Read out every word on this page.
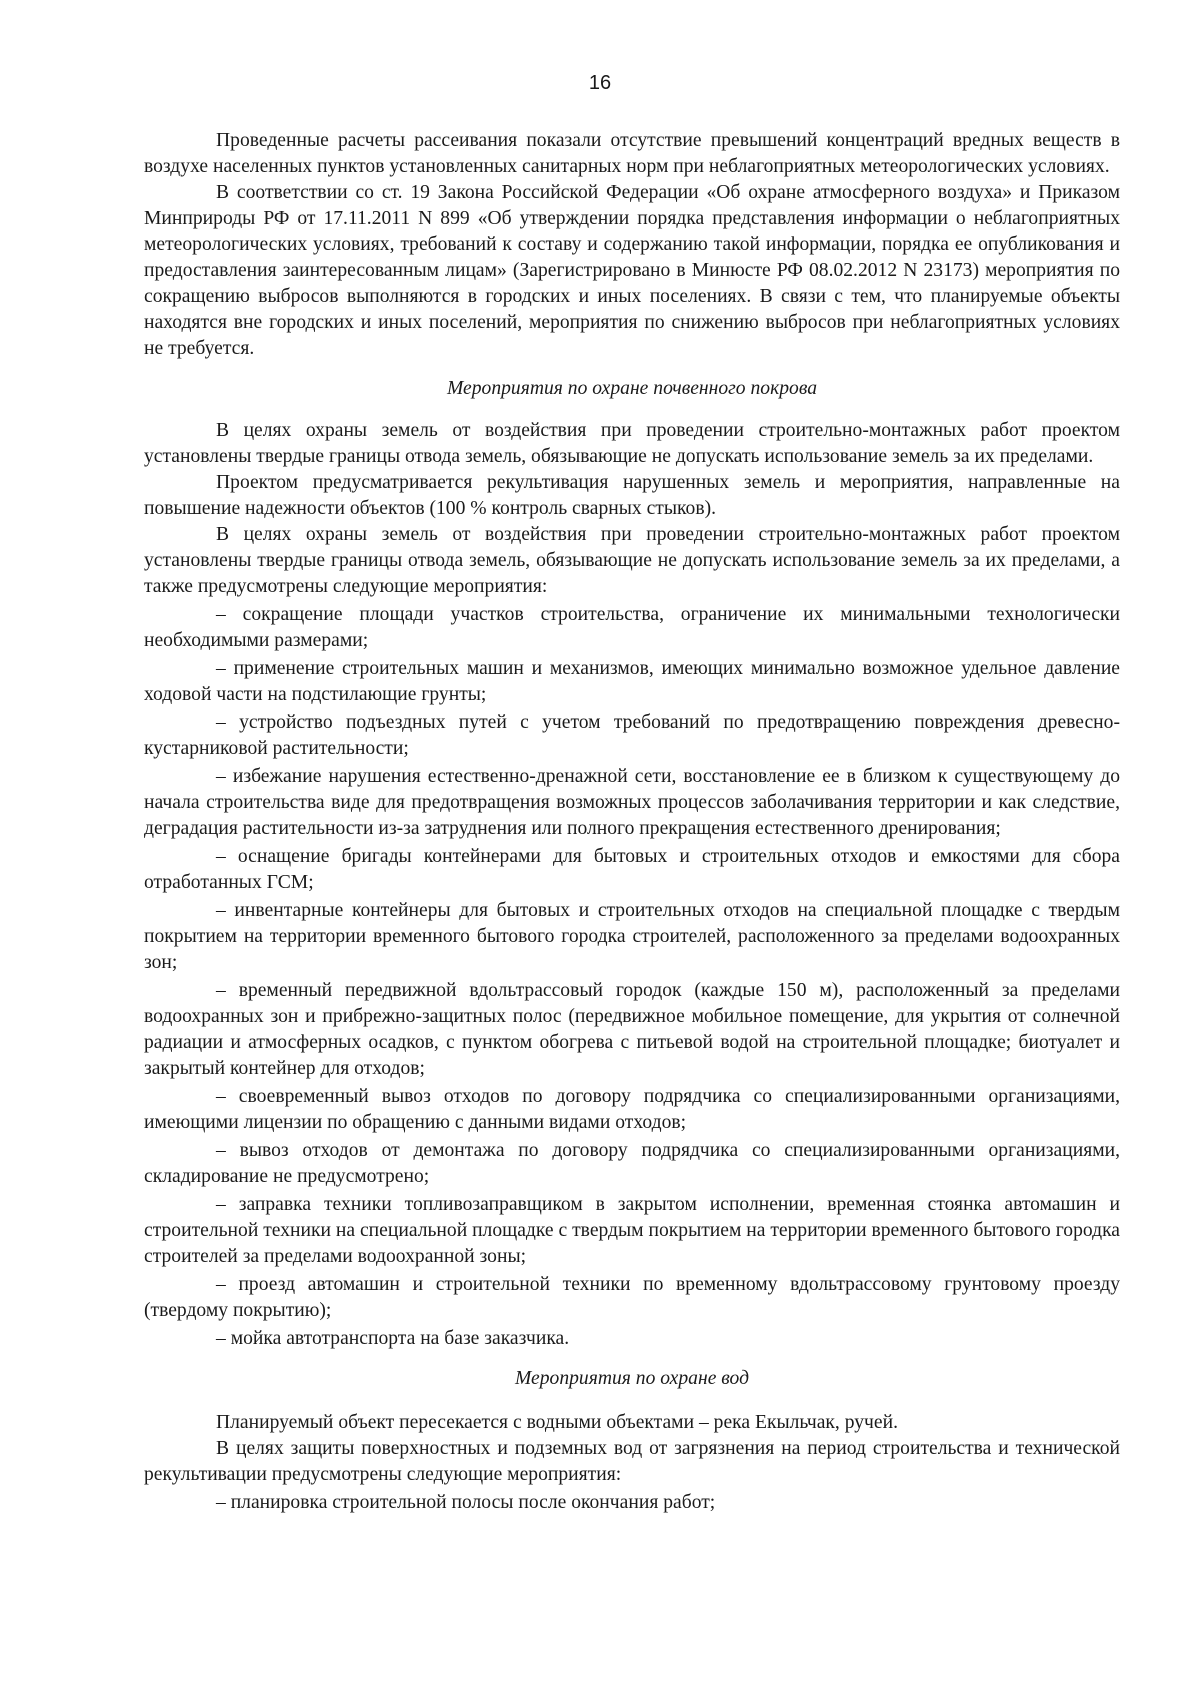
16

Проведенные расчеты рассеивания показали отсутствие превышений концентраций вредных веществ в воздухе населенных пунктов установленных санитарных норм при неблагоприятных метеорологических условиях.

В соответствии со ст. 19 Закона Российской Федерации «Об охране атмосферного воздуха» и Приказом Минприроды РФ от 17.11.2011 N 899 «Об утверждении порядка представления информации о неблагоприятных метеорологических условиях, требований к составу и содержанию такой информации, порядка ее опубликования и предоставления заинтересованным лицам» (Зарегистрировано в Минюсте РФ 08.02.2012 N 23173) мероприятия по сокращению выбросов выполняются в городских и иных поселениях. В связи с тем, что планируемые объекты находятся вне городских и иных поселений, мероприятия по снижению выбросов при неблагоприятных условиях не требуется.

Мероприятия по охране почвенного покрова

В целях охраны земель от воздействия при проведении строительно-монтажных работ проектом установлены твердые границы отвода земель, обязывающие не допускать использование земель за их пределами.

Проектом предусматривается рекультивация нарушенных земель и мероприятия, направленные на повышение надежности объектов (100 % контроль сварных стыков).

В целях охраны земель от воздействия при проведении строительно-монтажных работ проектом установлены твердые границы отвода земель, обязывающие не допускать использование земель за их пределами, а также предусмотрены следующие мероприятия:

– сокращение площади участков строительства, ограничение их минимальными технологически необходимыми размерами;

– применение строительных машин и механизмов, имеющих минимально возможное удельное давление ходовой части на подстилающие грунты;

– устройство подъездных путей с учетом требований по предотвращению повреждения древесно-кустарниковой растительности;

– избежание нарушения естественно-дренажной сети, восстановление ее в близком к существующему до начала строительства виде для предотвращения возможных процессов заболачивания территории и как следствие, деградация растительности из-за затруднения или полного прекращения естественного дренирования;

– оснащение бригады контейнерами для бытовых и строительных отходов и емкостями для сбора отработанных ГСМ;

– инвентарные контейнеры для бытовых и строительных отходов на специальной площадке с твердым покрытием на территории временного бытового городка строителей, расположенного за пределами водоохранных зон;

– временный передвижной вдольтрассовый городок (каждые 150 м), расположенный за пределами водоохранных зон и прибрежно-защитных полос (передвижное мобильное помещение, для укрытия от солнечной радиации и атмосферных осадков, с пунктом обогрева с питьевой водой на строительной площадке; биотуалет и закрытый контейнер для отходов;

– своевременный вывоз отходов по договору подрядчика со специализированными организациями, имеющими лицензии по обращению с данными видами отходов;

– вывоз отходов от демонтажа по договору подрядчика со специализированными организациями, складирование не предусмотрено;

– заправка техники топливозаправщиком в закрытом исполнении, временная стоянка автомашин и строительной техники на специальной площадке с твердым покрытием на территории временного бытового городка строителей за пределами водоохранной зоны;

– проезд автомашин и строительной техники по временному вдольтрассовому грунтовому проезду (твердому покрытию);

– мойка автотранспорта на базе заказчика.

Мероприятия по охране вод

Планируемый объект пересекается с водными объектами – река Екыльчак, ручей.

В целях защиты поверхностных и подземных вод от загрязнения на период строительства и технической рекультивации предусмотрены следующие мероприятия:

– планировка строительной полосы после окончания работ;
